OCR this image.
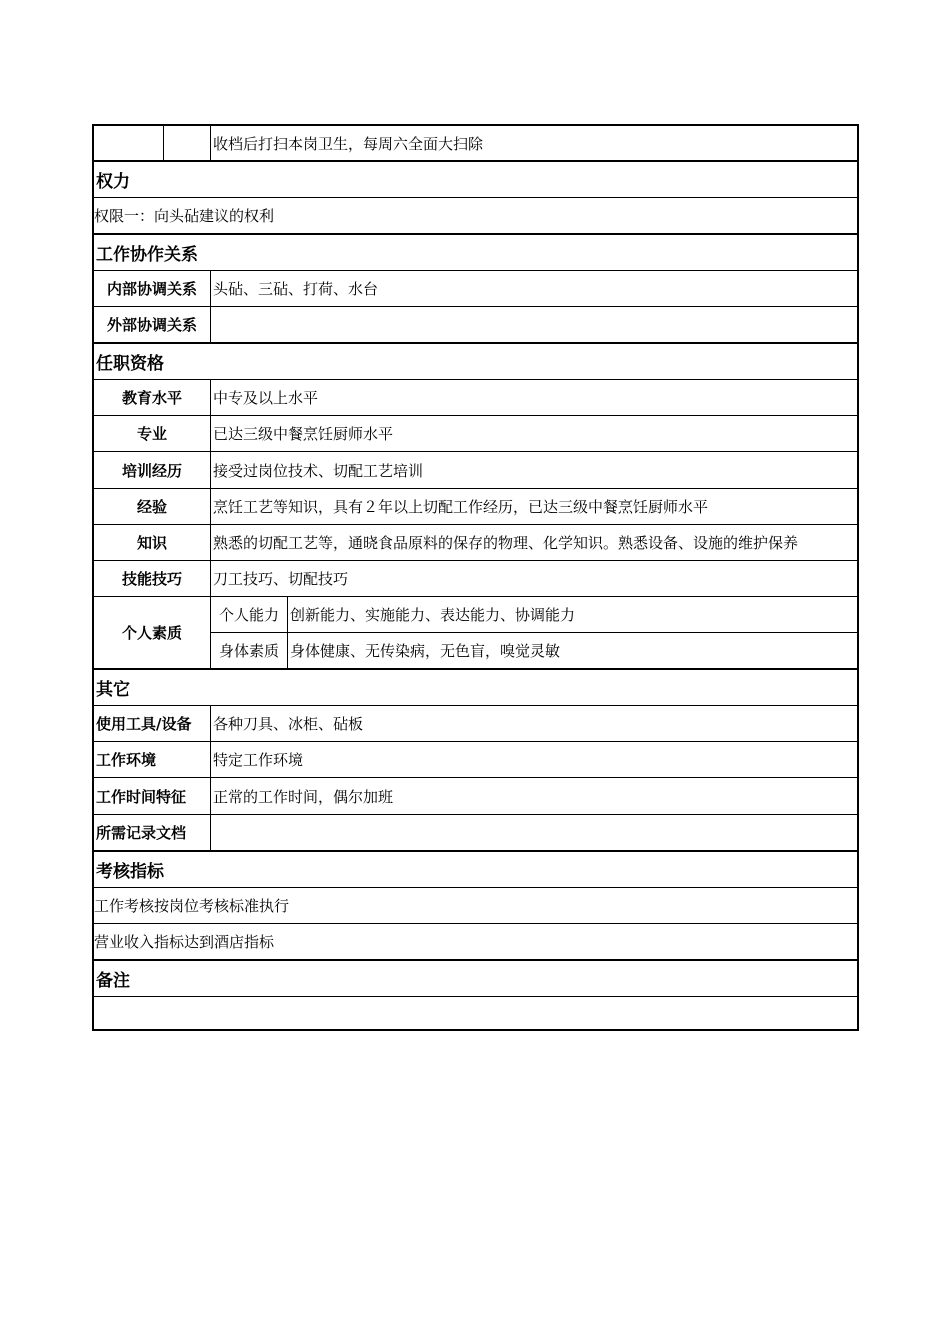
收档后打扫本岗卫生，每周六全面大扫除
权力
权限一：向头砧建议的权利
工作协作关系
内部协调关系	头砧、三砧、打荷、水台
外部协调关系
任职资格
教育水平	中专及以上水平
专业	已达三级中餐烹饪厨师水平
培训经历	接受过岗位技术、切配工艺培训
经验	烹饪工艺等知识，具有２年以上切配工作经历，已达三级中餐烹饪厨师水平
知识	熟悉的切配工艺等，通晓食品原料的保存的物理、化学知识。熟悉设备、设施的维护保养
技能技巧	刀工技巧、切配技巧
个人素质
个人能力 创新能力、实施能力、表达能力、协调能力
身体素质 身体健康、无传染病，无色盲，嗅觉灵敏
其它
使用工具/设备	各种刀具、冰柜、砧板
工作环境	特定工作环境
工作时间特征	正常的工作时间，偶尔加班
所需记录文档
考核指标
工作考核按岗位考核标准执行
营业收入指标达到酒店指标
备注
